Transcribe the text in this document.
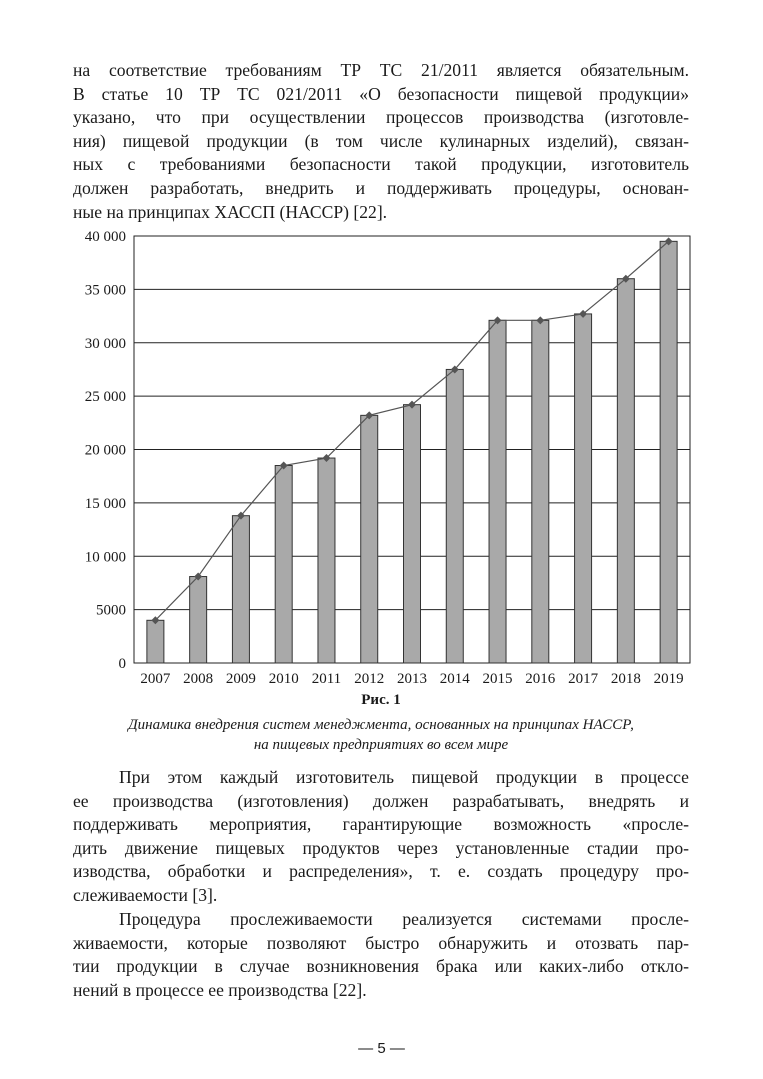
на соответствие требованиям ТР ТС 21/2011 является обязательным.
В статье 10 ТР ТС 021/2011 «О безопасности пищевой продукции»
указано, что при осуществлении процессов производства (изготовле-
ния) пищевой продукции (в том числе кулинарных изделий), связан-
ных с требованиями безопасности такой продукции, изготовитель
должен разработать, внедрить и поддерживать процедуры, основан-
ные на принципах ХАССП (НАССР) [22].
0
5000
10 000
15 000
20 000
25 000
30 000
35 000
40 000
2007 2008 2009 2010 2011 2012 2013 2014 2015 2016 2017 2018 2019
Рис. 1
Динамика внедрения систем менеджмента, основанных на принципах НАССР,
на пищевых предприятиях во всем мире
При этом каждый изготовитель пищевой продукции в процессе
ее производства (изготовления) должен разрабатывать, внедрять и
поддерживать мероприятия, гарантирующие возможность «просле-
дить движение пищевых продуктов через установленные стадии про-
изводства, обработки и распределения», т. е. создать процедуру про-
слеживаемости [3].
Процедура прослеживаемости реализуется системами просле-
живаемости, которые позволяют быстро обнаружить и отозвать пар-
тии продукции в случае возникновения брака или каких-либо откло-
нений в процессе ее производства [22].
— 5 —
